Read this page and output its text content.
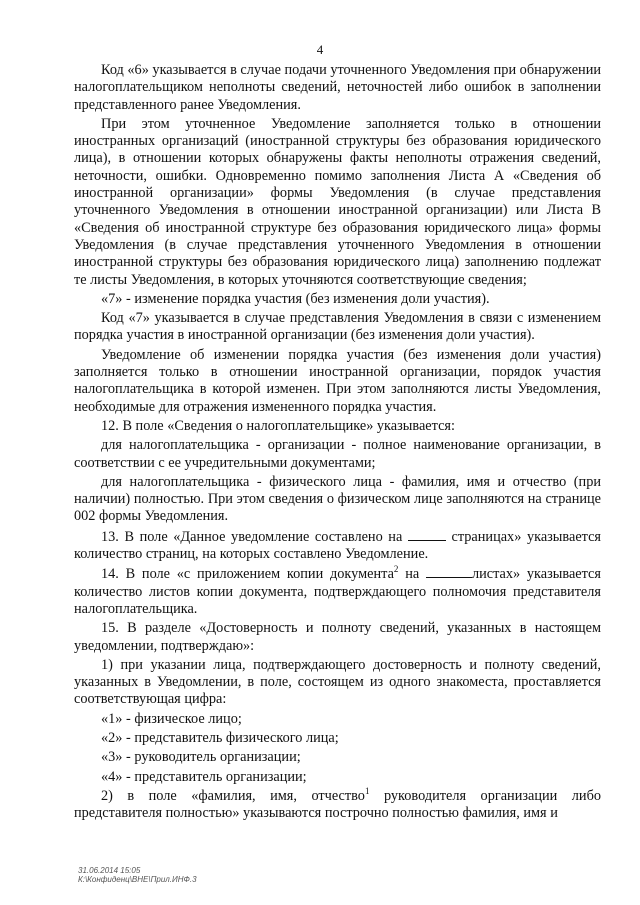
4

Код «6» указывается в случае подачи уточненного Уведомления при обнаружении налогоплательщиком неполноты сведений, неточностей либо ошибок в заполнении представленного ранее Уведомления.

При этом уточненное Уведомление заполняется только в отношении иностранных организаций (иностранной структуры без образования юридического лица), в отношении которых обнаружены факты неполноты отражения сведений, неточности, ошибки. Одновременно помимо заполнения Листа А «Сведения об иностранной организации» формы Уведомления (в случае представления уточненного Уведомления в отношении иностранной организации) или Листа В «Сведения об иностранной структуре без образования юридического лица» формы Уведомления (в случае представления уточненного Уведомления в отношении иностранной структуры без образования юридического лица) заполнению подлежат те листы Уведомления, в которых уточняются соответствующие сведения;

«7» - изменение порядка участия (без изменения доли участия).

Код «7» указывается в случае представления Уведомления в связи с изменением порядка участия в иностранной организации (без изменения доли участия).

Уведомление об изменении порядка участия (без изменения доли участия) заполняется только в отношении иностранной организации, порядок участия налогоплательщика в которой изменен. При этом заполняются листы Уведомления, необходимые для отражения измененного порядка участия.

12. В поле «Сведения о налогоплательщике» указывается:

для налогоплательщика - организации - полное наименование организации, в соответствии с ее учредительными документами;

для налогоплательщика - физического лица - фамилия, имя и отчество (при наличии) полностью. При этом сведения о физическом лице заполняются на странице 002 формы Уведомления.

13. В поле «Данное уведомление составлено на	страницах» указывается количество страниц, на которых составлено Уведомление.

14. В поле «с приложением копии документа$^2$ на	листах» указывается количество листов копии документа, подтверждающего полномочия представителя налогоплательщика.

15. В разделе «Достоверность и полноту сведений, указанных в настоящем уведомлении, подтверждаю»:

1) при указании лица, подтверждающего достоверность и полноту сведений, указанных в Уведомлении, в поле, состоящем из одного знакоместа, проставляется соответствующая цифра:

«1» - физическое лицо;

«2» - представитель физического лица;

«3» - руководитель организации;

«4» - представитель организации;

2) в поле «фамилия, имя, отчество$^1$ руководителя организации либо представителя полностью» указываются построчно полностью фамилия, имя и

31.06.2014 15:05
К:\Конфиденц\ВНЕ\Прил.ИНФ.3
